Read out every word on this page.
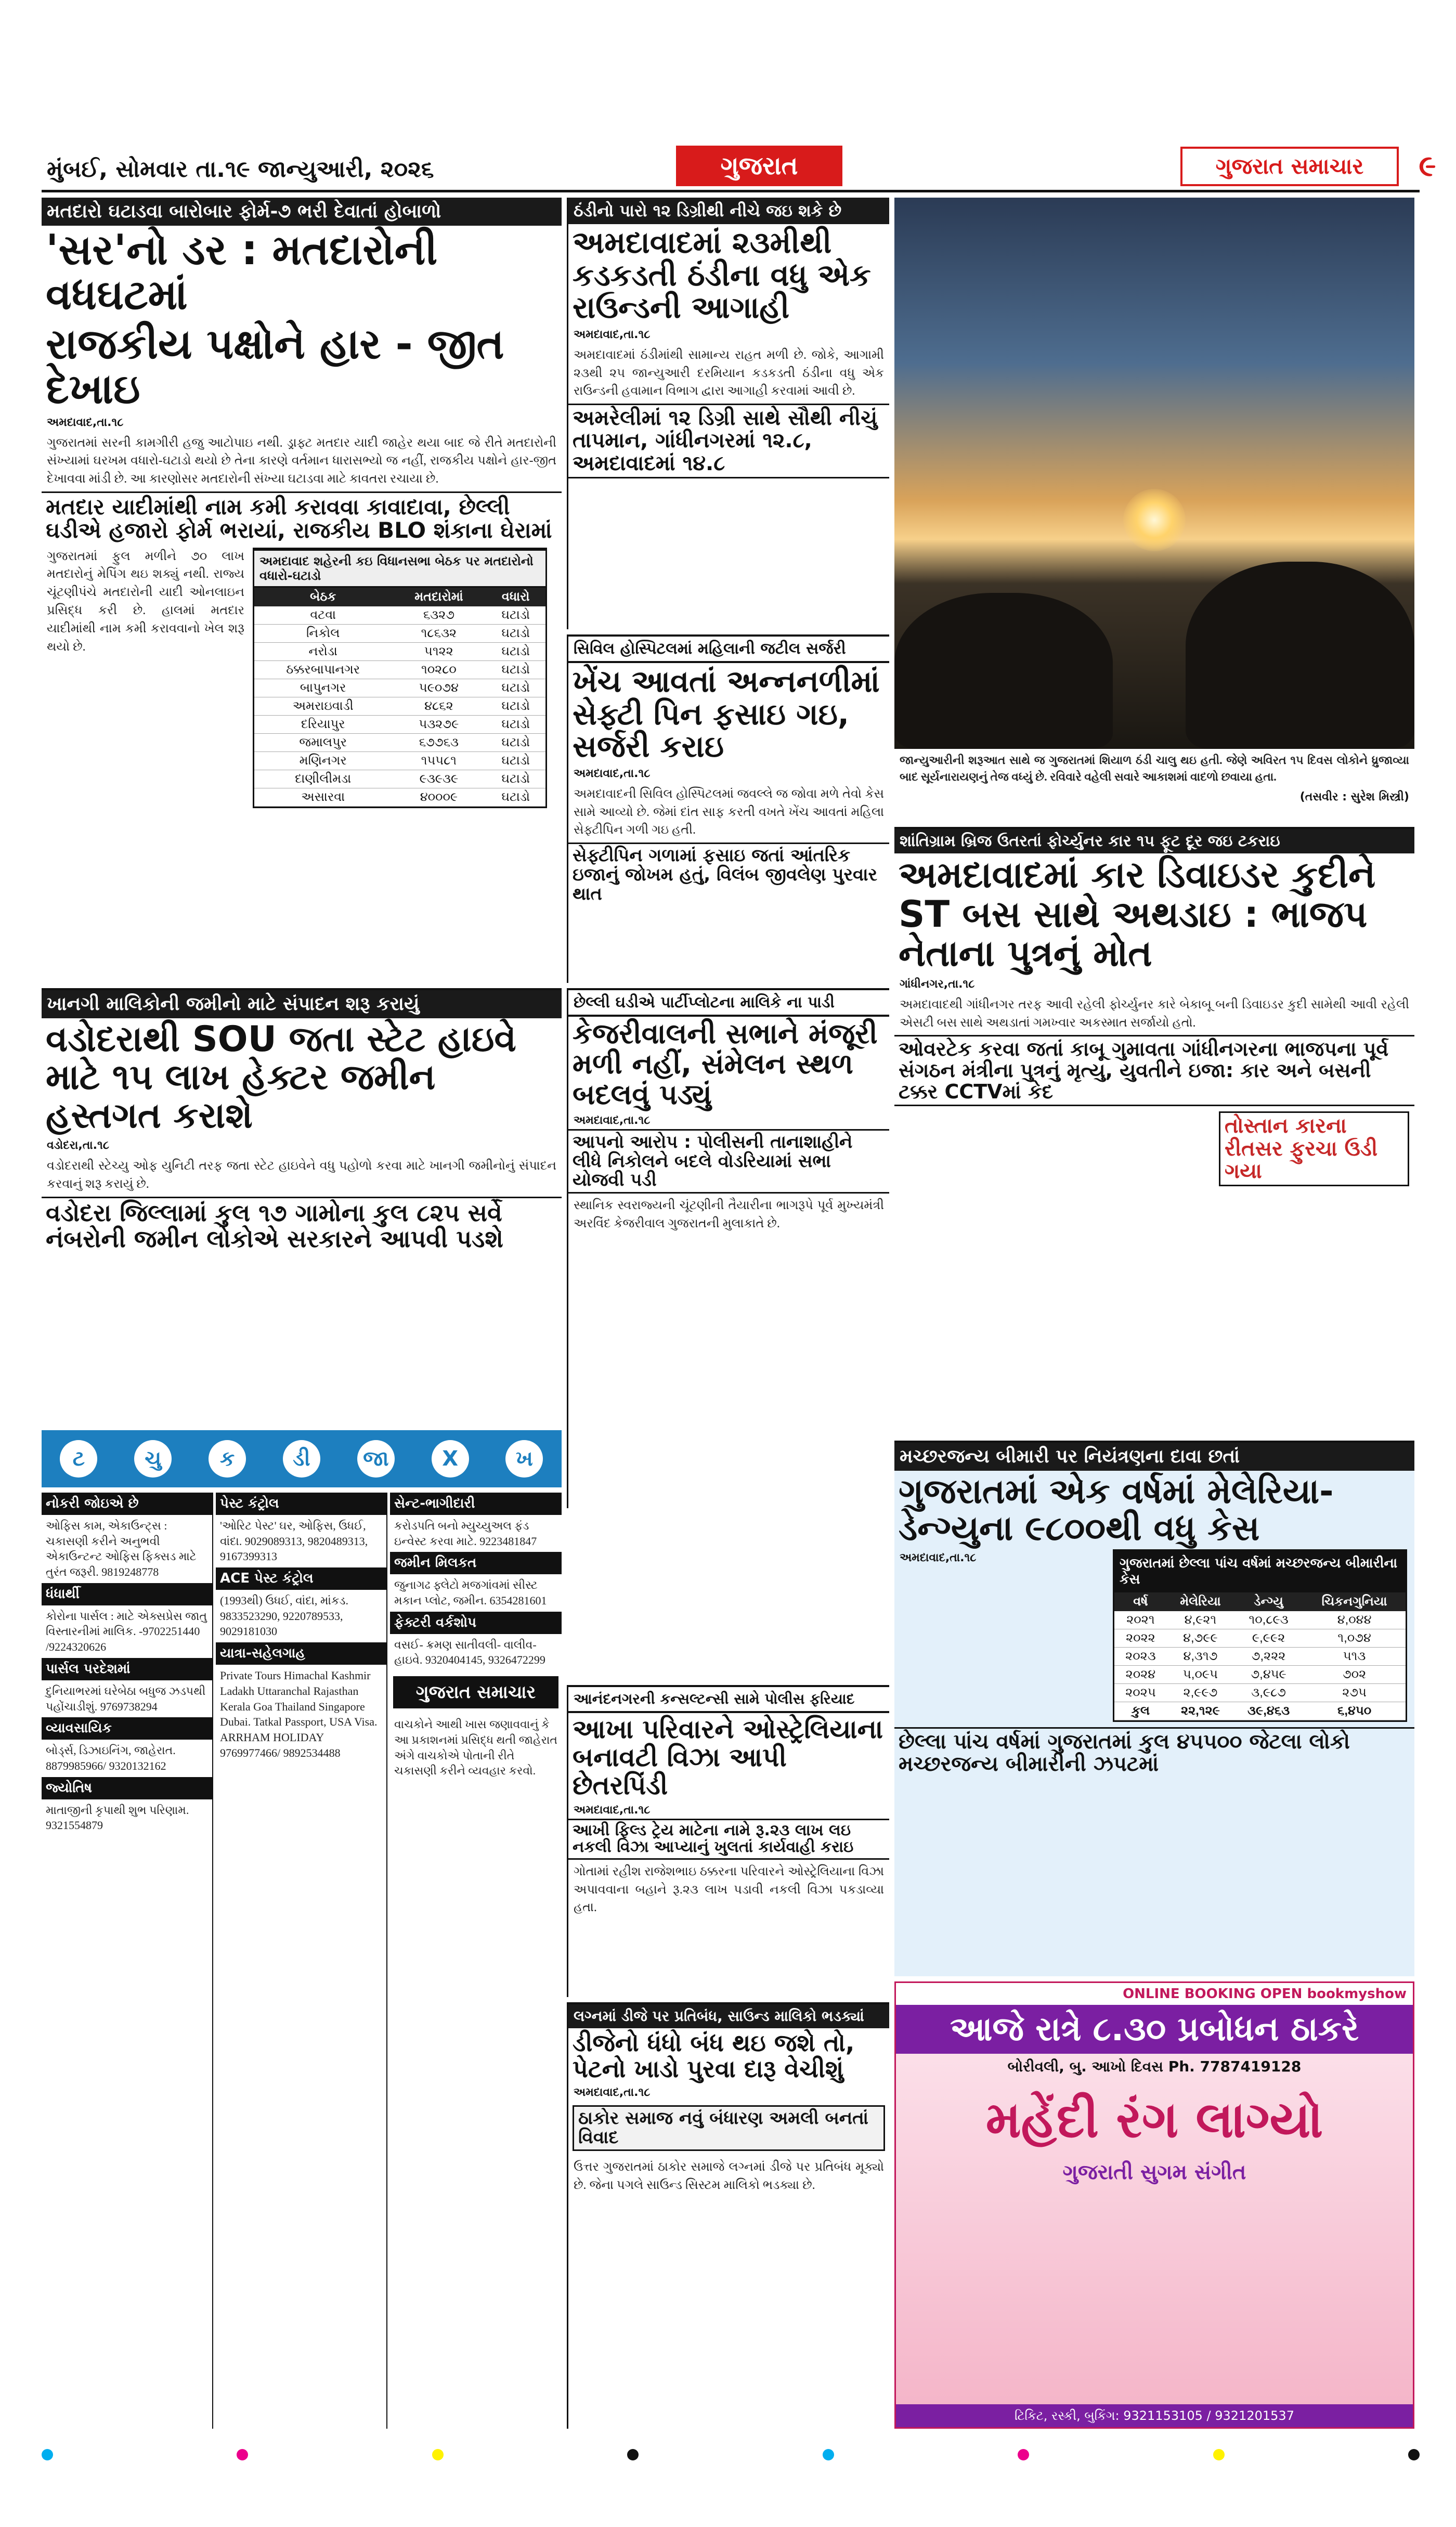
મુંબઈ, સોમવાર તા.૧૯ જાન્યુઆરી, ૨૦૨૬	ગુજરાત	ગુજરાત સમાચાર	૯
મતદારો ઘટાડવા બારોબાર ફોર્મ-૭ ભરી દેવાતાં હોબાળો
'સર'નો ડર : મતદારોની વધઘટમાં
રાજકીય પક્ષોને હાર - જીત દેખાઇ
અમદાવાદ,તા.૧૮
ગુજરાતમાં સરની કામગીરી હજુ આટોપાઇ નથી. ડ્રાફ્ટ મતદાર યાદી જાહેર થયા બાદ જે રીતે મતદારોની સંખ્યામાં ઘરખમ વધારો-ઘટાડો થયો છે તેના કારણે વર્તમાન ધારાસભ્યો જ નહીં, રાજકીય પક્ષોને હાર-જીત દેખાવવા માંડી છે. આ કારણોસર મતદારોની સંખ્યા ઘટાડવા માટે કાવતરા રચાયા છે.
મતદાર યાદીમાંથી નામ કમી કરાવવા કાવાદાવા, છેલ્લી ઘડીએ હજારો ફોર્મ ભરાયાં, રાજકીય BLO શંકાના ઘેરામાં
ગુજરાતમાં ફુલ મળીને ૭૦ લાખ મતદારોનું મેપિંગ થઇ શક્યું નથી. રાજ્ય ચૂંટણીપંચે મતદારોની યાદી ઓનલાઇન પ્રસિદ્ધ કરી છે. હાલમાં મતદાર યાદીમાંથી નામ કમી કરાવવાનો ખેલ શરૂ થયો છે.
અમદાવાદ શહેરની કઇ વિધાનસભા બેઠક પર મતદારોનો વધારો-ઘટાડો
બેઠક	મતદારોમાં	વધારો
વટવા	૬૩૨૭	ઘટાડો
નિકોલ	૧૮૬૩૨	ઘટાડો
નરોડા	૫૧૨૨	ઘટાડો
ઠક્કરબાપાનગર	૧૦૨૮૦	ઘટાડો
બાપુનગર	૫૯૦૭૪	ઘટાડો
અમરાઇવાડી	૪૮૬૨	ઘટાડો
દરિયાપુર	૫૩૨૭૯	ઘટાડો
જમાલપુર	૬૭૭૬૩	ઘટાડો
મણિનગર	૧૫૫૮૧	ઘટાડો
દાણીલીમડા	૯૩૯૩૯	ઘટાડો
અસારવા	૪૦૦૦૯	ઘટાડો
ઠંડીનો પારો ૧૨ ડિગ્રીથી નીચે જઇ શકે છે
અમદાવાદમાં ૨૩મીથી કડકડતી ઠંડીના વધુ એક રાઉન્ડની આગાહી
અમદાવાદ,તા.૧૮
અમદાવાદમાં ઠંડીમાંથી સામાન્ય રાહત મળી છે. જોકે, આગામી ૨૩થી ૨૫ જાન્યુઆરી દરમિયાન કડકડતી ઠંડીના વધુ એક રાઉન્ડની હવામાન વિભાગ દ્વારા આગાહી કરવામાં આવી છે.
અમરેલીમાં ૧૨ ડિગ્રી સાથે સૌથી નીચું તાપમાન, ગાંધીનગરમાં ૧૨.૮, અમદાવાદમાં ૧૪.૮
જાન્યુઆરીની શરૂઆત સાથે જ ગુજરાતમાં શિયાળ ઠંડી ચાલુ થઇ હતી. જેણે અવિરત ૧૫ દિવસ લોકોને ધ્રુજાવ્યા બાદ સૂર્યનારાયણનું તેજ વધ્યું છે. રવિવારે વહેલી સવારે આકાશમાં વાદળો છવાયા હતા.
(તસવીર : સુરેશ મિસ્ત્રી)
સિવિલ હોસ્પિટલમાં મહિલાની જટીલ સર્જરી
ખેંચ આવતાં અન્નનળીમાં સેફ્ટી પિન ફસાઇ ગઇ, સર્જરી કરાઇ
અમદાવાદ,તા.૧૮
અમદાવાદની સિવિલ હોસ્પિટલમાં જવલ્લે જ જોવા મળે તેવો કેસ સામે આવ્યો છે. જેમાં દાંત સાફ કરતી વખતે ખેંચ આવતાં મહિલા સેફ્ટીપિન ગળી ગઇ હતી.
સેફ્ટીપિન ગળામાં ફસાઇ જતાં આંતરિક ઇજાનું જોખમ હતું, વિલંબ જીવલેણ પુરવાર થાત
શાંતિગ્રામ બ્રિજ ઉતરતાં ફોર્ચ્યુનર કાર ૧૫ ફૂટ દૂર જઇ ટકરાઇ
અમદાવાદમાં કાર ડિવાઇડર કુદીને ST બસ સાથે અથડાઇ : ભાજપ નેતાના પુત્રનું મોત
ગાંધીનગર,તા.૧૮
અમદાવાદથી ગાંધીનગર તરફ આવી રહેલી ફોર્ચ્યુનર કારે બેકાબૂ બની ડિવાઇડર કુદી સામેથી આવી રહેલી એસટી બસ સાથે અથડાતાં ગમખ્વાર અકસ્માત સર્જાયો હતો.
ઓવરટેક કરવા જતાં કાબૂ ગુમાવતા ગાંધીનગરના ભાજપના પૂર્વ સંગઠન મંત્રીના પુત્રનું મૃત્યુ, યુવતીને ઇજા: કાર અને બસની ટક્કર CCTVમાં કેદ
તોસ્તાન કારના રીતસર ફુરચા ઉડી ગયા
ખાનગી માલિકોની જમીનો માટે સંપાદન શરૂ કરાયું
વડોદરાથી SOU જતા સ્ટેટ હાઇવે માટે ૧૫ લાખ હેક્ટર જમીન હસ્તગત કરાશે
વડોદરા,તા.૧૮
વડોદરાથી સ્ટેચ્યુ ઓફ યુનિટી તરફ જતા સ્ટેટ હાઇવેને વધુ પહોળો કરવા માટે ખાનગી જમીનોનું સંપાદન કરવાનું શરૂ કરાયું છે.
વડોદરા જિલ્લામાં કુલ ૧૭ ગામોના કુલ ૮૨૫ સર્વે નંબરોની જમીન લોકોએ સરકારને આપવી પડશે
છેલ્લી ઘડીએ પાર્ટીપ્લોટના માલિકે ના પાડી
કેજરીવાલની સભાને મંજૂરી મળી નહીં, સંમેલન સ્થળ બદલવું પડ્યું
અમદાવાદ,તા.૧૮
આપનો આરોપ : પોલીસની તાનાશાહીને લીધે નિકોલને બદલે વોડરિયામાં સભા યોજવી પડી
સ્થાનિક સ્વરાજ્યની ચૂંટણીની તૈયારીના ભાગરૂપે પૂર્વ મુખ્યમંત્રી અરવિંદ કેજરીવાલ ગુજરાતની મુલાકાતે છે.
ટ	ચુ	ક	ડી	જા	X	ખ
નોકરી જોઇએ છે
ઓફિસ કામ, એકાઉન્ટ્સ : ચકાસણી કરીને અનુભવી એકાઉન્ટન્ટ ઓફિસ ફિક્સડ માટે તુરંત જરૂરી. 9819248778
ધંધાર્થી
કોરોના પાર્સલ : માટે એક્સપ્રેસ જાતુ વિસ્તારનીમાં માલિક. -9702251440 /9224320626
પાર્સલ પરદેશમાં
દુનિયાભરમાં ઘરેબેઠા બધુજ ઝડપથી પહોંચાડીશું. 9769738294
વ્યાવસાયિક
બોર્ડ્સ, ડિઝાઇનિંગ, જાહેરાત. 8879985966/ 9320132162
જ્યોતિષ
માતાજીની કૃપાથી શુભ પરિણામ. 9321554879
પેસ્ટ કંટ્રોલ
'ઓરિટ પેસ્ટ' ઘર, ઓફિસ, ઉધઈ, વાંદા. 9029089313, 9820489313, 9167399313
ACE પેસ્ટ કંટ્રોલ
(1993થી) ઉધઈ, વાંદા, માંકડ. 9833523290, 9220789533, 9029181030
યાત્રા-સહેલગાહ
Private Tours Himachal Kashmir Ladakh Uttaranchal Rajasthan Kerala Goa Thailand Singapore Dubai. Tatkal Passport, USA Visa. ARRHAM HOLIDAY 9769977466/ 9892534488
સેન્ટ-ભાગીદારી
કરોડપતિ બનો મ્યુચ્યુઅલ ફંડ ઇન્વેસ્ટ કરવા માટે. 9223481847
જમીન મિલકત
જુનાગઢ ફ્લેટો મજગાંવમાં સીસ્ટ મકાન પ્લોટ, જમીન. 6354281601
ફેક્ટરી વર્કશોપ
વસઈ- ક્રમણ સાતીવલી- વાલીવ- હાઇવે. 9320404145, 9326472299
ગુજરાત સમાચાર
વાચકોને આથી ખાસ જણાવવાનું કે આ પ્રકાશનમાં પ્રસિદ્ધ થતી જાહેરાત અંગે વાચકોએ પોતાની રીતે ચકાસણી કરીને વ્યવહાર કરવો.
મચ્છરજન્ય બીમારી પર નિયંત્રણના દાવા છતાં
ગુજરાતમાં એક વર્ષમાં મેલેરિયા-ડેન્ગ્યુના ૯૮૦૦થી વધુ કેસ
અમદાવાદ,તા.૧૮	ગુજરાતમાં છેલ્લા પાંચ વર્ષમાં મચ્છરજન્ય બીમારીના કેસ
વર્ષ	મેલેરિયા	ડેન્ગ્યુ	ચિકનગુનિયા
૨૦૨૧	૪,૯૨૧	૧૦,૮૯૩	૪,૦૪૪
૨૦૨૨	૪,૭૯૯	૯,૯૯૨	૧,૦૭૪
૨૦૨૩	૪,૩૧૭	૭,૨૨૨	૫૧૩
૨૦૨૪	૫,૦૯૫	૭,૪૫૯	૭૦૨
૨૦૨૫	૨,૯૯૭	૩,૯૮૭	૨૭૫
કુલ	૨૨,૧૨૯	૩૯,૪૬૩	૬,૪૫૦
છેલ્લા પાંચ વર્ષમાં ગુજરાતમાં કુલ ૪૫૫૦૦ જેટલા લોકો મચ્છરજન્ય બીમારીની ઝપટમાં
આનંદનગરની કન્સલ્ટન્સી સામે પોલીસ ફરિયાદ
આખા પરિવારને ઓસ્ટ્રેલિયાના બનાવટી વિઝા આપી છેતરપિંડી
અમદાવાદ,તા.૧૮
આખી ફિલ્ડ ટ્રેય માટેના નામે રૂ.૨૩ લાખ લઇ નકલી વિઝા આપ્યાનું ખુલતાં કાર્યવાહી કરાઇ
ગોતામાં રહીશ રાજેશભાઇ ઠક્કરના પરિવારને ઓસ્ટ્રેલિયાના વિઝા અપાવવાના બહાને રૂ.૨૩ લાખ પડાવી નકલી વિઝા પકડાવ્યા હતા.
લગ્નમાં ડીજે પર પ્રતિબંધ, સાઉન્ડ માલિકો ભડક્યાં
ડીજેનો ધંધો બંધ થઇ જશે તો, પેટનો ખાડો પુરવા દારૂ વેચીશું
અમદાવાદ,તા.૧૮
ઠાકોર સમાજ નવું બંધારણ અમલી બનતાં વિવાદ
ઉત્તર ગુજરાતમાં ઠાકોર સમાજે લગ્નમાં ડીજે પર પ્રતિબંધ મૂક્યો છે. જેના પગલે સાઉન્ડ સિસ્ટમ માલિકો ભડક્યા છે.
ONLINE BOOKING OPEN bookmyshow
આજે રાત્રે ૮.૩૦ પ્રબોધન ઠાકરે
બોરીવલી, બુ. આખો દિવસ Ph. 7787419128
મહેંદી રંગ લાગ્યો
ગુજરાતી સુગમ સંગીત
ટિકિટ, રસ્કી, બુકિંગ: 9321153105 / 9321201537
